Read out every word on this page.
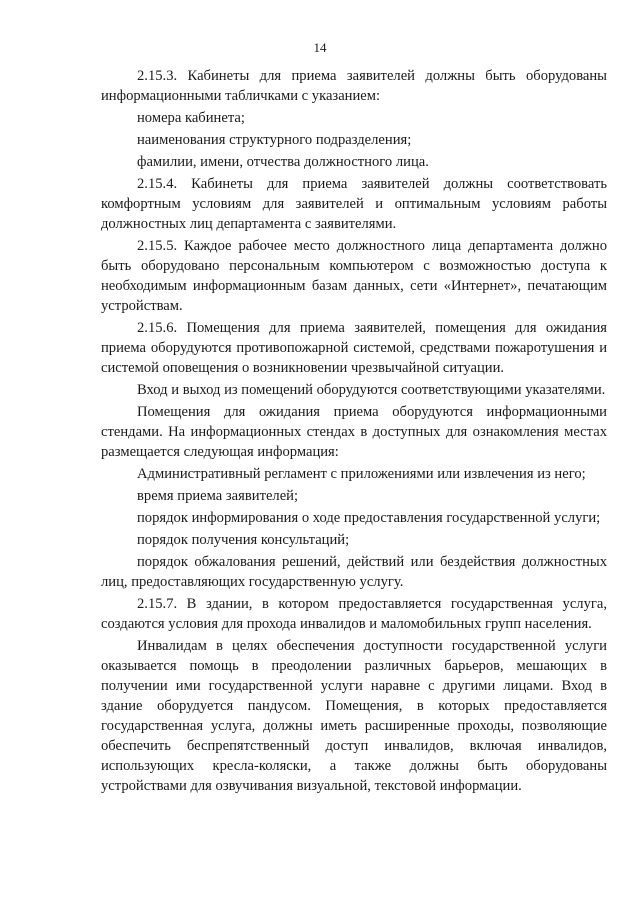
14

2.15.3. Кабинеты для приема заявителей должны быть оборудованы информационными табличками с указанием:

номера кабинета;

наименования структурного подразделения;

фамилии, имени, отчества должностного лица.

2.15.4. Кабинеты для приема заявителей должны соответствовать комфортным условиям для заявителей и оптимальным условиям работы должностных лиц департамента с заявителями.

2.15.5. Каждое рабочее место должностного лица департамента должно быть оборудовано персональным компьютером с возможностью доступа к необходимым информационным базам данных, сети «Интернет», печатающим устройствам.

2.15.6. Помещения для приема заявителей, помещения для ожидания приема оборудуются противопожарной системой, средствами пожаротушения и системой оповещения о возникновении чрезвычайной ситуации.

Вход и выход из помещений оборудуются соответствующими указателями.

Помещения для ожидания приема оборудуются информационными стендами. На информационных стендах в доступных для ознакомления местах размещается следующая информация:

Административный регламент с приложениями или извлечения из него;

время приема заявителей;

порядок информирования о ходе предоставления государственной услуги;

порядок получения консультаций;

порядок обжалования решений, действий или бездействия должностных лиц, предоставляющих государственную услугу.

2.15.7. В здании, в котором предоставляется государственная услуга, создаются условия для прохода инвалидов и маломобильных групп населения.

Инвалидам в целях обеспечения доступности государственной услуги оказывается помощь в преодолении различных барьеров, мешающих в получении ими государственной услуги наравне с другими лицами. Вход в здание оборудуется пандусом. Помещения, в которых предоставляется государственная услуга, должны иметь расширенные проходы, позволяющие обеспечить беспрепятственный доступ инвалидов, включая инвалидов, использующих кресла-коляски, а также должны быть оборудованы устройствами для озвучивания визуальной, текстовой информации.
